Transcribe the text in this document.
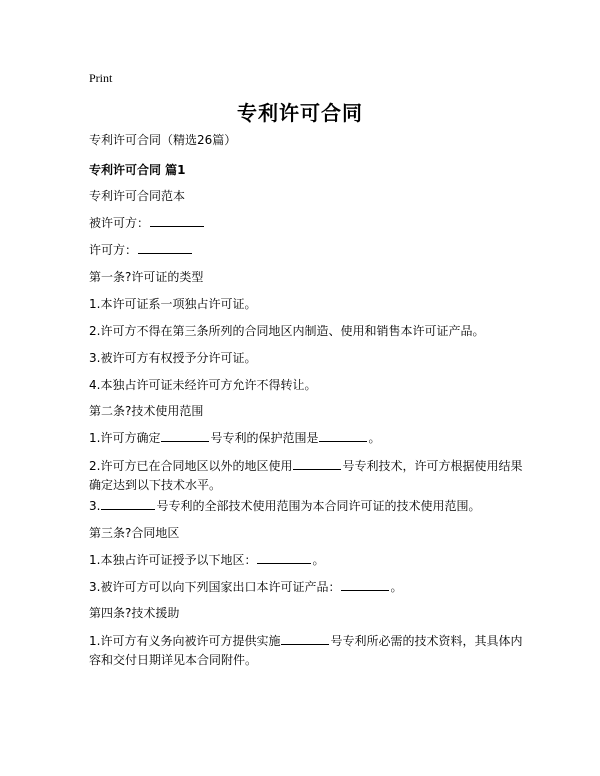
Print
专利许可合同
专利许可合同（精选26篇）
专利许可合同 篇1
专利许可合同范本
被许可方：
许可方：
第一条?许可证的类型
1.本许可证系一项独占许可证。
2.许可方不得在第三条所列的合同地区内制造、使用和销售本许可证产品。
3.被许可方有权授予分许可证。
4.本独占许可证未经许可方允许不得转让。
第二条?技术使用范围
1.许可方确定	号专利的保护范围是	。
2.许可方已在合同地区以外的地区使用	号专利技术，许可方根据使用结果确定达到以下技术水平。
3.	号专利的全部技术使用范围为本合同许可证的技术使用范围。
第三条?合同地区
1.本独占许可证授予以下地区：	。
3.被许可方可以向下列国家出口本许可证产品：	。
第四条?技术援助
1.许可方有义务向被许可方提供实施	号专利所必需的技术资料，其具体内容和交付日期详见本合同附件。
